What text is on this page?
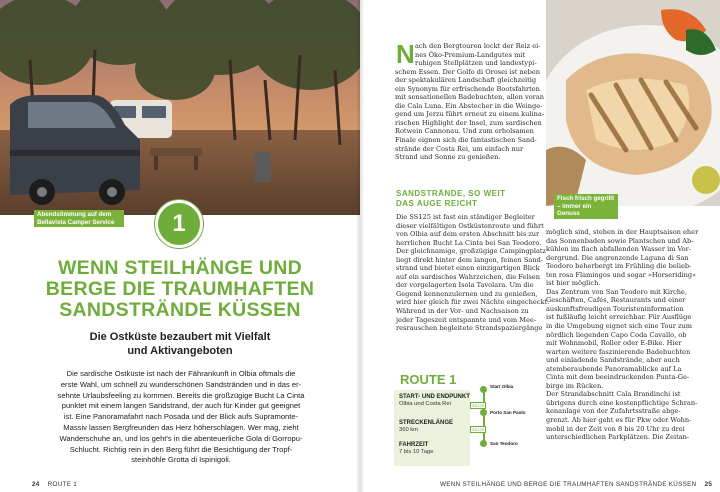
Abendstimmung auf dem Bellavista Camper Service	1
WENN STEILHÄNGE UND
BERGE DIE TRAUMHAFTEN
SANDSTRÄNDE KÜSSEN
Die Ostküste bezaubert mit Vielfalt
und Aktivangeboten
Die sardische Ostküste ist nach der Fährankunft in Olbia oftmals die
erste Wahl, um schnell zu wunderschönen Sandstränden und in das er-
sehnte Urlaubsfeeling zu kommen. Bereits die großzügige Bucht La Cinta
punktet mit einem langen Sandstrand, der auch für Kinder gut geeignet
ist. Eine Panoramafahrt nach Posada und der Blick aufs Supramonte-
Massiv lassen Bergfreunden das Herz höherschlagen. Wer mag, zieht
Wanderschuhe an, und los geht's in die abenteuerliche Gola di Gorropu-
Schlucht. Richtig rein in den Berg führt die Besichtigung der Tropf-
steinhöhle Grotta di Ispinigoli.
24 ROUTE 1
Fisch frisch gegrillt – immer ein Genuss
N ach den Bergtouren lockt der Reiz ei-
nes Öko-Premium-Landgutes mit
ruhigen Stellplätzen und landestypi-
schem Essen. Der Golfo di Orosei ist neben
der spektakulären Landschaft gleichzeitig
ein Synonym für erfrischende Bootsfahrten
mit sensationellen Badebuchten, allen voran
die Cala Luna. Ein Abstecher in die Weinge-
gend um Jerzu führt erneut zu einem kulina-
rischen Highlight der Insel, zum sardischen
Rotwein Cannonau. Und zum erholsamen
Finale eignen sich die fantastischen Sand-
strände der Costa Rei, um einfach nur
Strand und Sonne zu genießen.
SANDSTRÄNDE, SO WEIT
DAS AUGE REICHT
Die SS125 ist fast ein ständiger Begleiter
dieser vielfältigen Ostküstenroute und führt
von Olbia auf dem ersten Abschnitt bis zur
herrlichen Bucht La Cinta bei San Teodoro.
Der gleichnamige, großzügige Campingplatz
liegt direkt hinter dem langen, feinen Sand-
strand und bietet einen einzigartigen Blick
auf ein sardisches Wahrzeichen, die Felsen
der vorgelagerten Isola Tavolara. Um die
Gegend kennenzulernen und zu genießen,
wird hier gleich für zwei Nächte eingecheckt.
Während in der Vor- und Nachsaison zu
jeder Tageszeit entspannte und vom Mee-
resrauschen begleitete Strandspaziergänge
möglich sind, stehen in der Hauptsaison eher
das Sonnenbaden sowie Plantschen und Ab-
kühlen im flach abfallenden Wasser im Vor-
dergrund. Die angrenzende Laguna di San
Teodoro beherbergt im Frühling die belieb-
ten rosa Flamingos und sogar »Horseriding«
ist hier möglich.
Das Zentrum von San Teodoro mit Kirche,
Geschäften, Cafés, Restaurants und einer
auskunftsfreudigen Touristeninformation
ist fußläufig leicht erreichbar. Für Ausflüge
in die Umgebung eignet sich eine Tour zum
nördlich liegenden Capo Coda Cavallo, ob
mit Wohnmobil, Roller oder E-Bike. Hier
warten weitere faszinierende Badebuchten
und einladende Sandstrände, aber auch
atemberaubende Panoramablicke auf La
Cinta mit dem beeindruckenden Punta-Ge-
birge im Rücken.
Der Strandabschnitt Cala Brandinchi ist
übrigens durch eine kostenpflichtige Schran-
kenanlage von der Zufahrtsstraße abge-
grenzt. Ab hier geht es für Pkw oder Wohn-
mobil in der Zeit von 8 bis 20 Uhr zu drei
unterschiedlichen Parkplätzen. Die Zeitan-
ROUTE 1
START- UND ENDPUNKT
Olbia und Costa Rei
STRECKENLÄNGE
360 km
FAHRZEIT
7 bis 10 Tage
Start Olbia
SS125
Porto San Paolo
SS125
San Teodoro
WENN STEILHÄNGE UND BERGE DIE TRAUMHAFTEN SANDSTRÄNDE KÜSSEN 25
